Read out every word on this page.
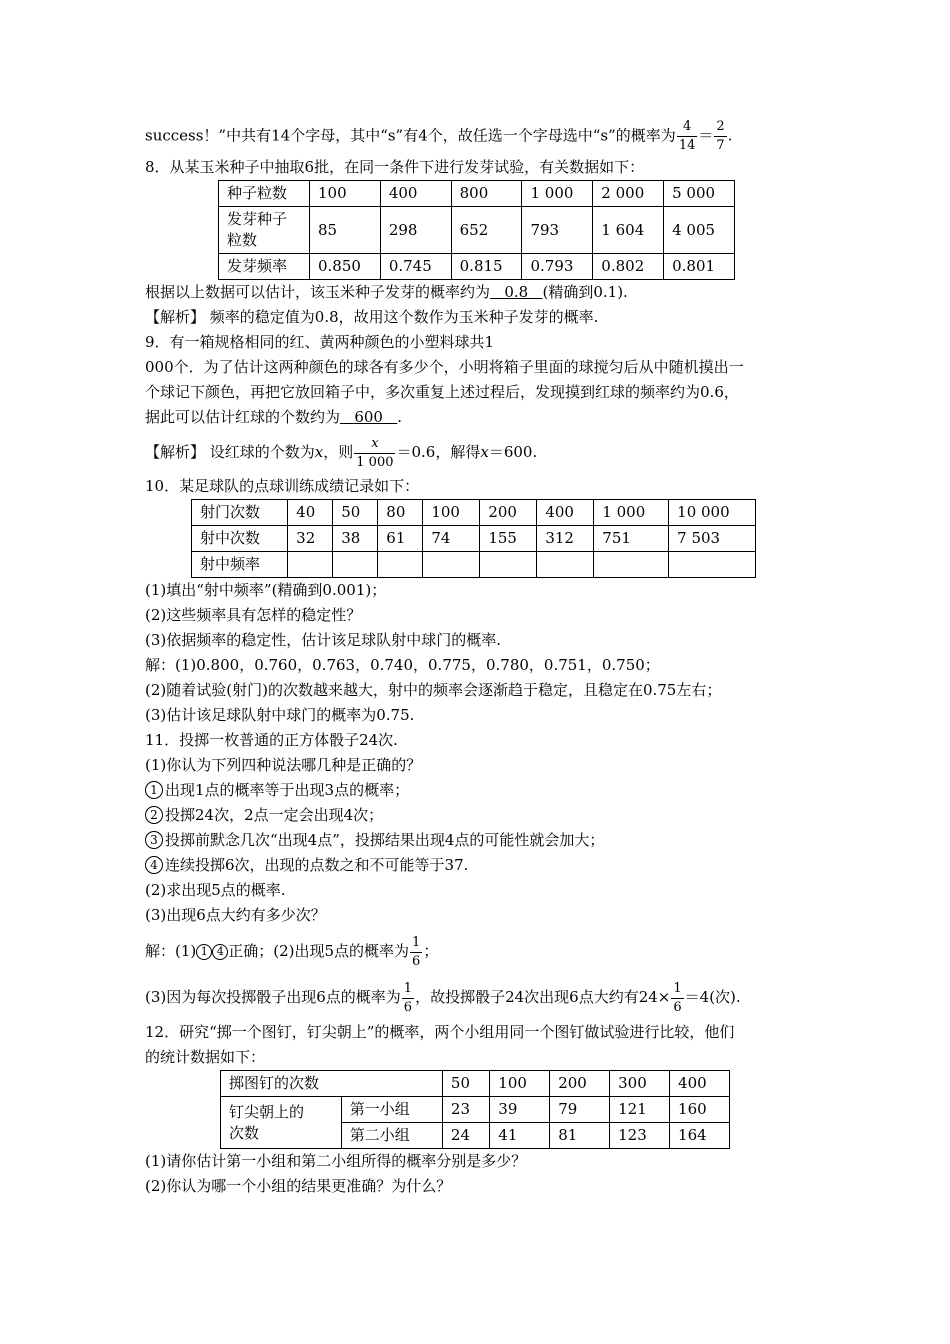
success！”中共有14个字母，其中“s”有4个，故任选一个字母选中“s”的概率为 $\frac{4}{14} = \frac{2}{7}$ .
8．从某玉米种子中抽取6批，在同一条件下进行发芽试验，有关数据如下：
种子粒数	100	400	800	1 000	2 000	5 000
发芽种子
粒数	85	298	652	793	1 604	4 005
发芽频率	0.850	0.745	0.815	0.793	0.802	0.801
根据以上数据可以估计，该玉米种子发芽的概率约为 0.8 (精确到0.1).
【解析】 频率的稳定值为0.8，故用这个数作为玉米种子发芽的概率.
9．有一箱规格相同的红、黄两种颜色的小塑料球共1
000个．为了估计这两种颜色的球各有多少个，小明将箱子里面的球搅匀后从中随机摸出一
个球记下颜色，再把它放回箱子中，多次重复上述过程后，发现摸到红球的频率约为0.6，
据此可以估计红球的个数约为 600 .
【解析】 设红球的个数为x，则 $\frac{x}{1 000} =0.6$，解得x＝600.
10．某足球队的点球训练成绩记录如下：
射门次数	40	50	80	100	200	400	1 000	10 000
射中次数	32	38	61	74	155	312	751	7 503
射中频率								
(1)填出“射中频率”(精确到0.001)；
(2)这些频率具有怎样的稳定性？
(3)依据频率的稳定性，估计该足球队射中球门的概率.
解：(1)0.800，0.760，0.763，0.740，0.775，0.780，0.751，0.750；
(2)随着试验(射门)的次数越来越大，射中的频率会逐渐趋于稳定，且稳定在0.75左右；
(3)估计该足球队射中球门的概率为0.75.
11．投掷一枚普通的正方体骰子24次.
(1)你认为下列四种说法哪几种是正确的？
1 出现1点的概率等于出现3点的概率；
2 投掷24次，2点一定会出现4次；
3 投掷前默念几次“出现4点”，投掷结果出现4点的可能性就会加大；
4 连续投掷6次，出现的点数之和不可能等于37.
(2)求出现5点的概率.
(3)出现6点大约有多少次？
解：(1) 1 4 正确；(2)出现5点的概率为 $\frac{1}{6}$ ；
(3)因为每次投掷骰子出现6点的概率为 $\frac{1}{6}$ ，故投掷骰子24次出现6点大约有$24\times \frac{1}{6} =4$(次).
12．研究“掷一个图钉，钉尖朝上”的概率，两个小组用同一个图钉做试验进行比较，他们
的统计数据如下：
掷图钉的次数		50	100	200	300	400
钉尖朝上的
次数	第一小组	23	39	79	121	160
	第二小组	24	41	81	123	164
(1)请你估计第一小组和第二小组所得的概率分别是多少？
(2)你认为哪一个小组的结果更准确？为什么？
